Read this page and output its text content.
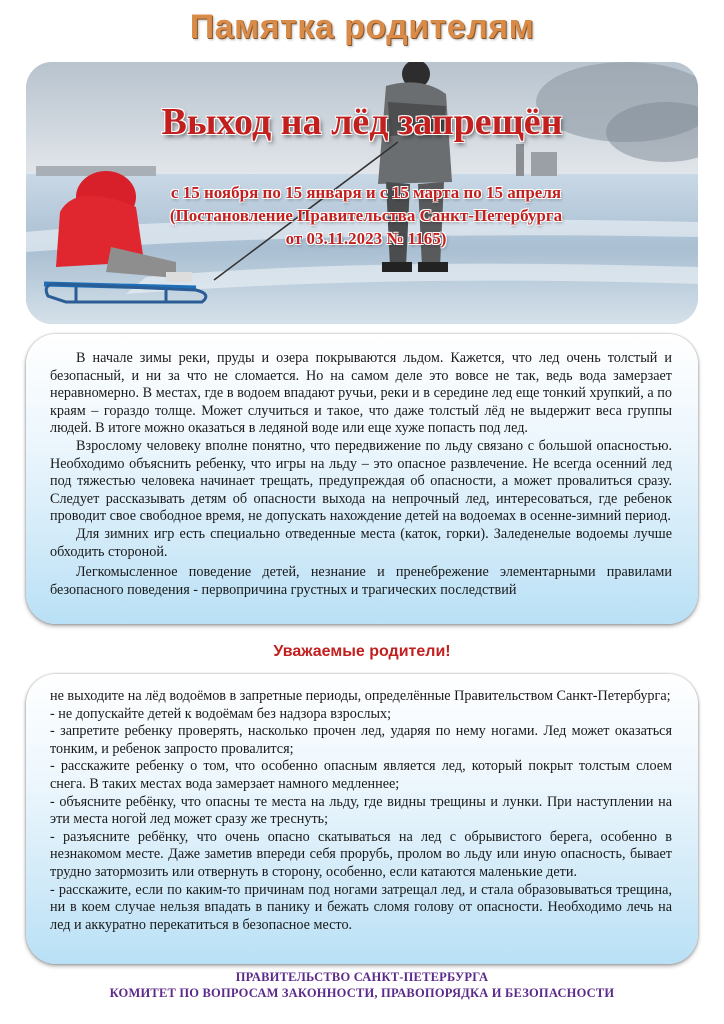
Памятка родителям
Выход на лёд запрещён
с 15 ноября по 15 января и с 15 марта по 15 апреля
(Постановление Правительства Санкт-Петербурга
от 03.11.2023 № 1165)

В начале зимы реки, пруды и озера покрываются льдом. Кажется, что лед очень толстый и безопасный, и ни за что не сломается. Но на самом деле это вовсе не так, ведь вода замерзает неравномерно. В местах, где в водоем впадают ручьи, реки и в середине лед еще тонкий хрупкий, а по краям – гораздо толще. Может случиться и такое, что даже толстый лёд не выдержит веса группы людей. В итоге можно оказаться в ледяной воде или еще хуже попасть под лед.

Взрослому человеку вполне понятно, что передвижение по льду связано с большой опасностью. Необходимо объяснить ребенку, что игры на льду – это опасное развлечение. Не всегда осенний лед под тяжестью человека начинает трещать, предупреждая об опасности, а может провалиться сразу. Следует рассказывать детям об опасности выхода на непрочный лед, интересоваться, где ребенок проводит свое свободное время, не допускать нахождение детей на водоемах в осенне-зимний период.

Для зимних игр есть специально отведенные места (каток, горки). Заледенелые водоемы лучше обходить стороной.

Легкомысленное поведение детей, незнание и пренебрежение элементарными правилами безопасного поведения - первопричина грустных и трагических последствий

Уважаемые родители!

не выходите на лёд водоёмов в запретные периоды, определённые Правительством Санкт-Петербурга;

- не допускайте детей к водоёмам без надзора взрослых;

- запретите ребенку проверять, насколько прочен лед, ударяя по нему ногами. Лед может оказаться тонким, и ребенок запросто провалится;

- расскажите ребенку о том, что особенно опасным является лед, который покрыт толстым слоем снега. В таких местах вода замерзает намного медленнее;

- объясните ребёнку, что опасны те места на льду, где видны трещины и лунки. При наступлении на эти места ногой лед может сразу же треснуть;

- разъясните ребёнку, что очень опасно скатываться на лед с обрывистого берега, особенно в незнакомом месте. Даже заметив впереди себя прорубь, пролом во льду или иную опасность, бывает трудно затормозить или отвернуть в сторону, особенно, если катаются маленькие дети.

- расскажите, если по каким-то причинам под ногами затрещал лед, и стала образовываться трещина, ни в коем случае нельзя впадать в панику и бежать сломя голову от опасности. Необходимо лечь на лед и аккуратно перекатиться в безопасное место.

ПРАВИТЕЛЬСТВО САНКТ-ПЕТЕРБУРГА
КОМИТЕТ ПО ВОПРОСАМ ЗАКОННОСТИ, ПРАВОПОРЯДКА И БЕЗОПАСНОСТИ
